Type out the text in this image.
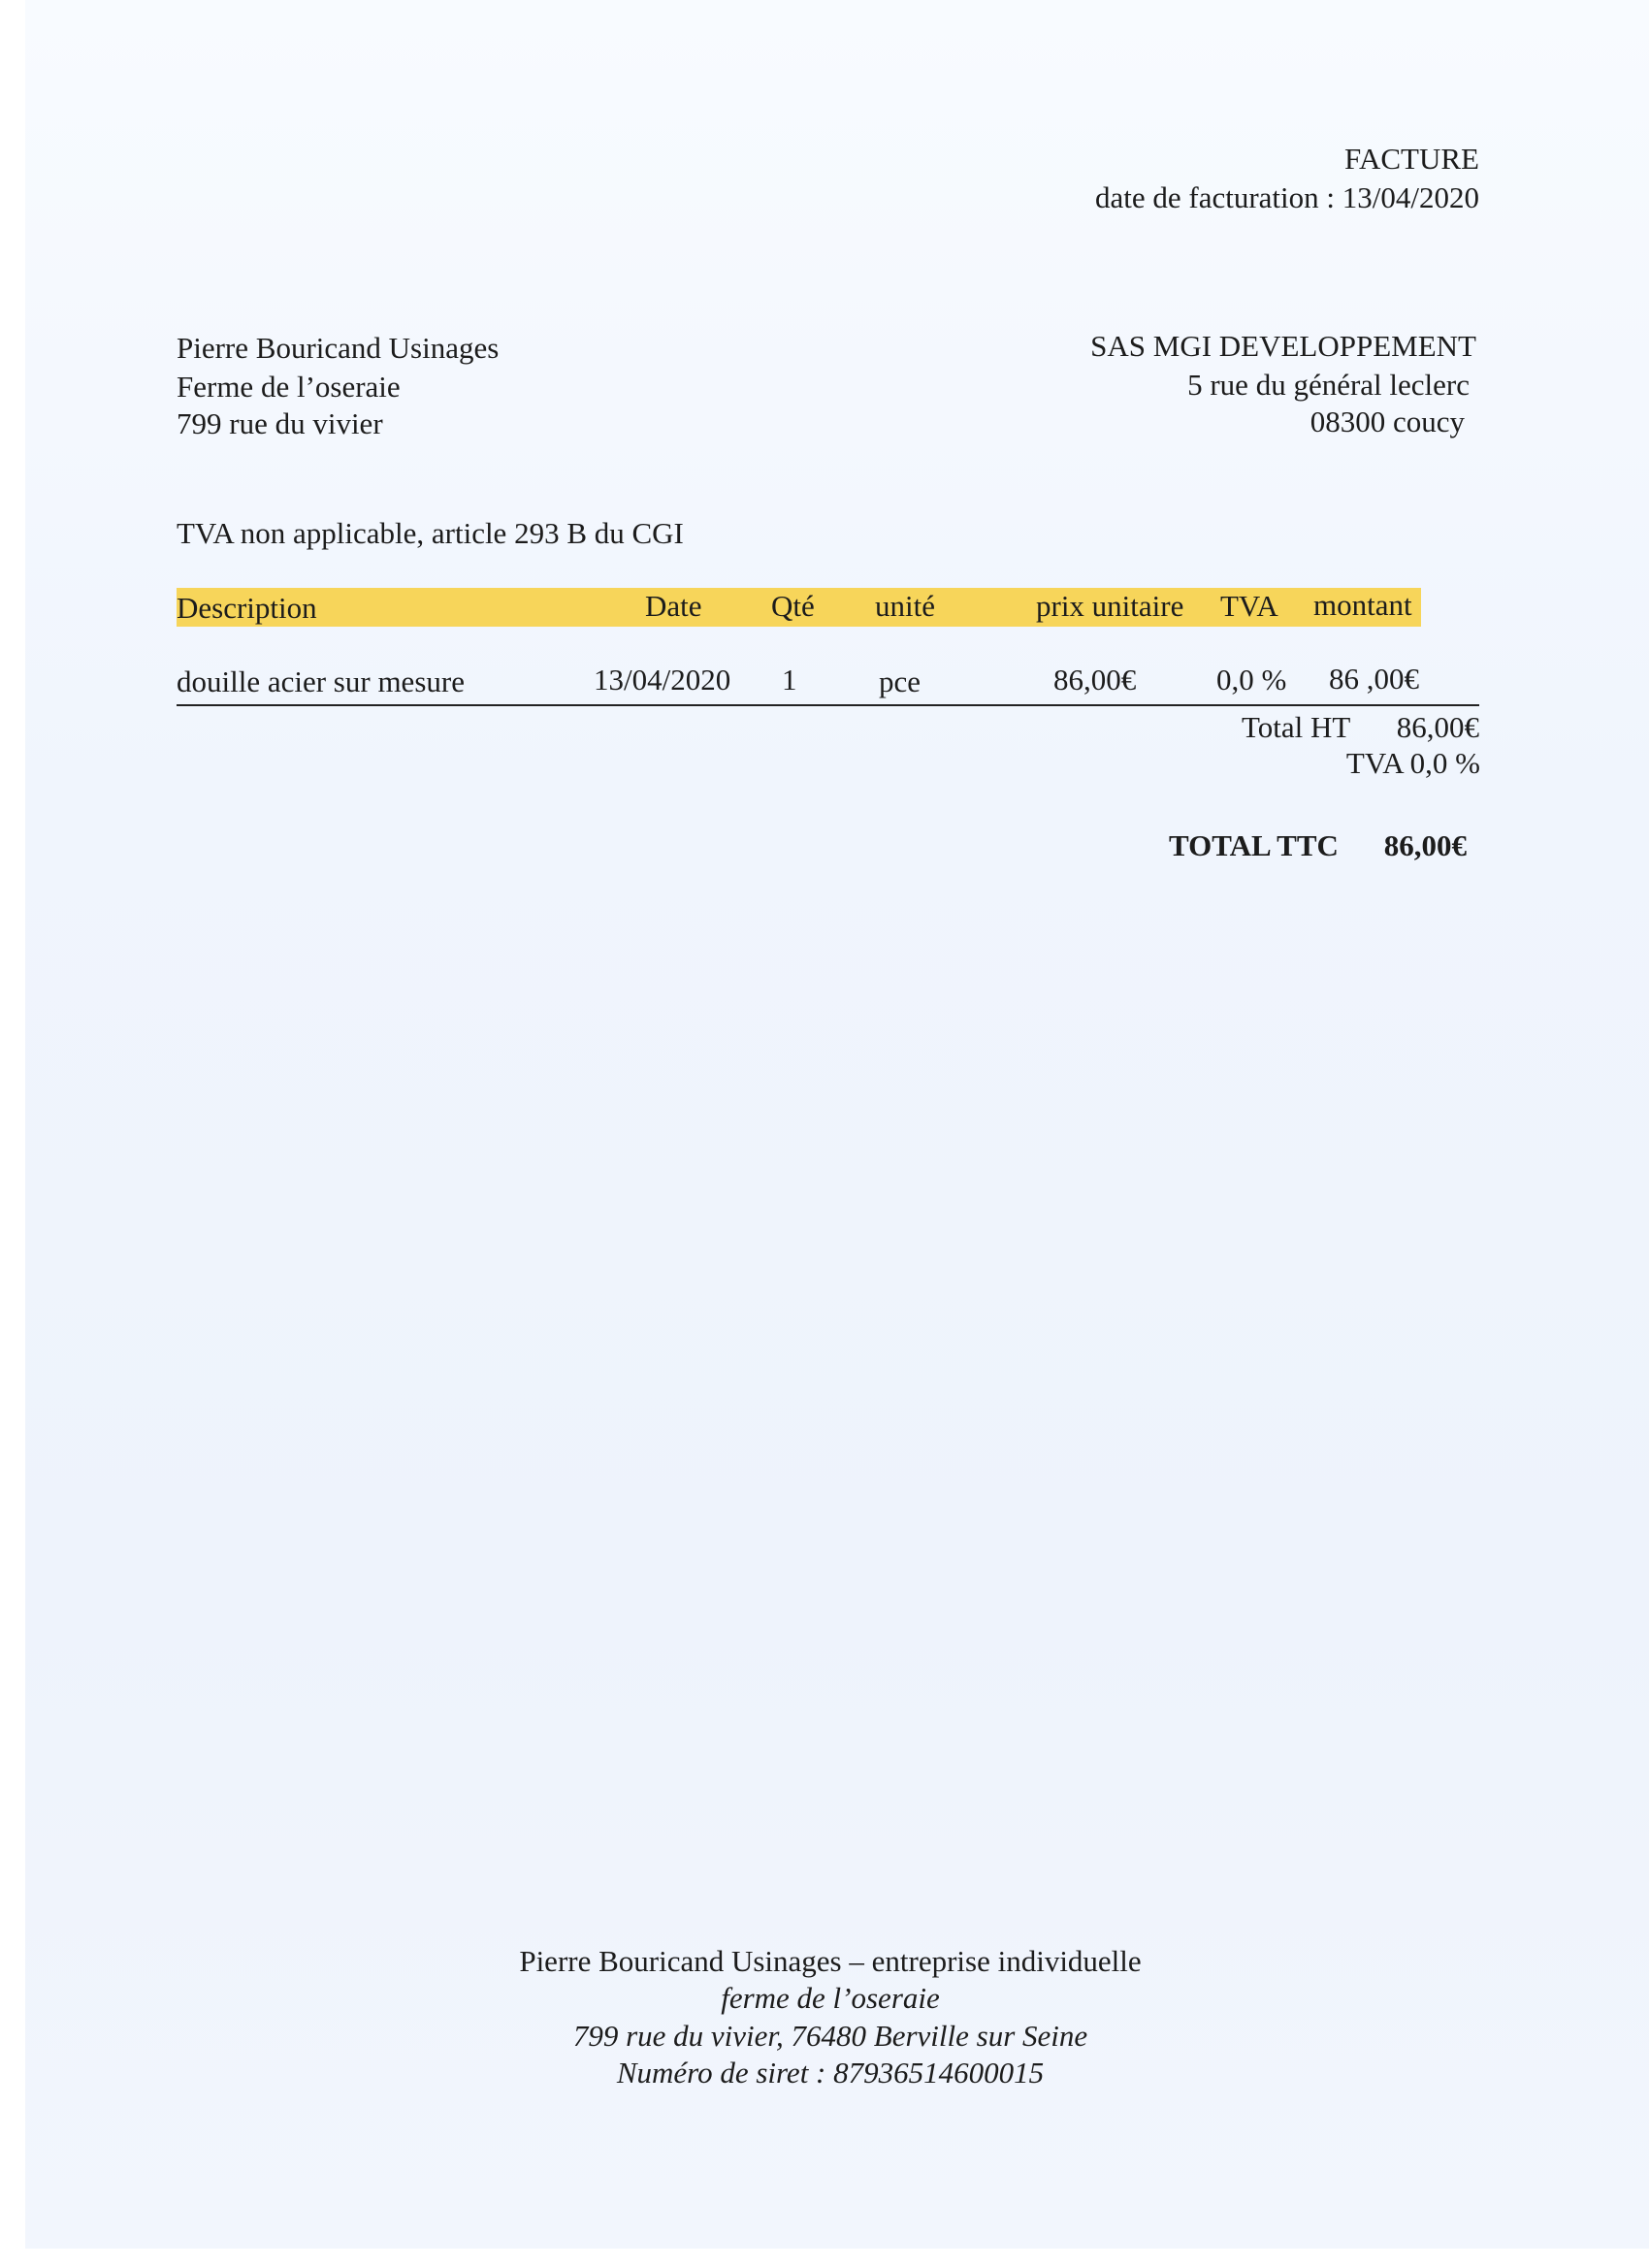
FACTURE
date de facturation : 13/04/2020
Pierre Bouricand Usinages
Ferme de l’oseraie
799 rue du vivier
SAS MGI DEVELOPPEMENT
5 rue du général leclerc
08300 coucy
TVA non applicable, article 293 B du CGI
Description	Date Qté unité	prix unitaire TVA montant
douille acier sur mesure	13/04/2020 1	pce	86,00€	0,0 % 86 ,00€
Total HT	86,00€
TVA 0,0 %
TOTAL TTC	86,00€
Pierre Bouricand Usinages – entreprise individuelle
ferme de l’oseraie
799 rue du vivier, 76480 Berville sur Seine
Numéro de siret : 87936514600015
